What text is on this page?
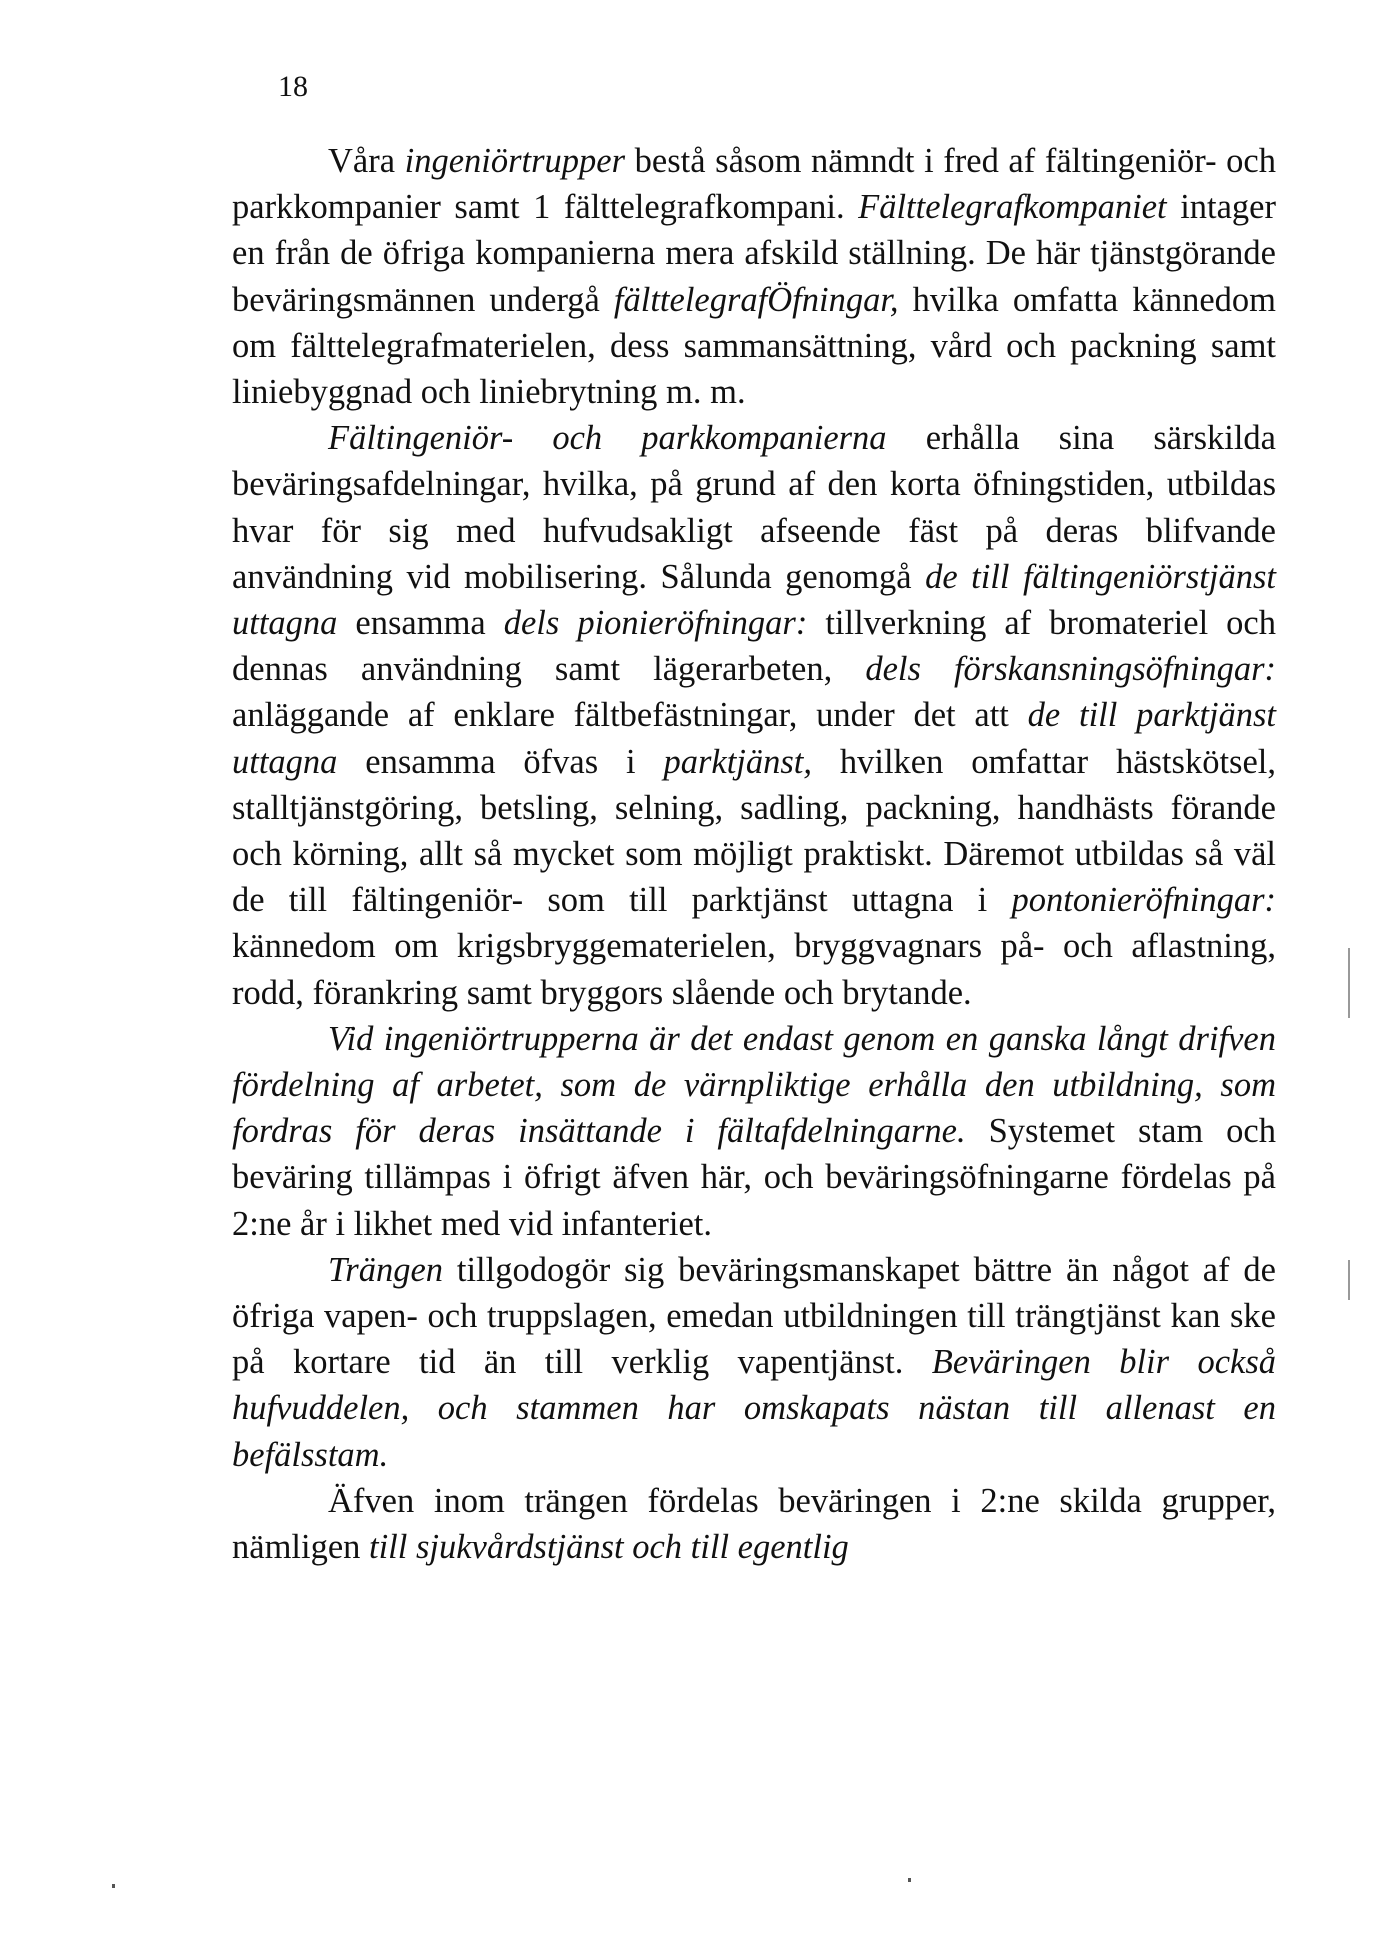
18

Våra ingeniörtrupper bestå såsom nämndt i fred af fältingeniör- och parkkompanier samt 1 fälttelegrafkompani. Fälttelegrafkompaniet intager en från de öfriga kompanierna mera afskild ställning. De här tjänstgörande beväringsmännen undergå fälttelegrafÖfningar, hvilka omfatta kännedom om fälttelegrafmaterielen, dess sammansättning, vård och packning samt liniebyggnad och liniebrytning m. m.

Fältingeniör- och parkkompanierna erhålla sina särskilda beväringsafdelningar, hvilka, på grund af den korta öfningstiden, utbildas hvar för sig med hufvudsakligt afseende fäst på deras blifvande användning vid mobilisering. Sålunda genomgå de till fältingeniörstjänst uttagna ensamma dels pionieröfningar: tillverkning af bromateriel och dennas användning samt lägerarbeten, dels förskansningsöfningar: anläggande af enklare fältbefästningar, under det att de till parktjänst uttagna ensamma öfvas i parktjänst, hvilken omfattar hästskötsel, stalltjänstgöring, betsling, selning, sadling, packning, handhästs förande och körning, allt så mycket som möjligt praktiskt. Däremot utbildas så väl de till fältingeniör- som till parktjänst uttagna i pontonieröfningar: kännedom om krigsbryggematerielen, bryggvagnars på- och aflastning, rodd, förankring samt bryggors slående och brytande.

Vid ingeniörtrupperna är det endast genom en ganska långt drifven fördelning af arbetet, som de värnpliktige erhålla den utbildning, som fordras för deras insättande i fältafdelningarne. Systemet stam och beväring tillämpas i öfrigt äfven här, och beväringsöfningarne fördelas på 2:ne år i likhet med vid infanteriet.

Trängen tillgodogör sig beväringsmanskapet bättre än något af de öfriga vapen- och truppslagen, emedan utbildningen till trängtjänst kan ske på kortare tid än till verklig vapentjänst. Beväringen blir också hufvuddelen, och stammen har omskapats nästan till allenast en befälsstam.

Äfven inom trängen fördelas beväringen i 2:ne skilda grupper, nämligen till sjukvårdstjänst och till egentlig
